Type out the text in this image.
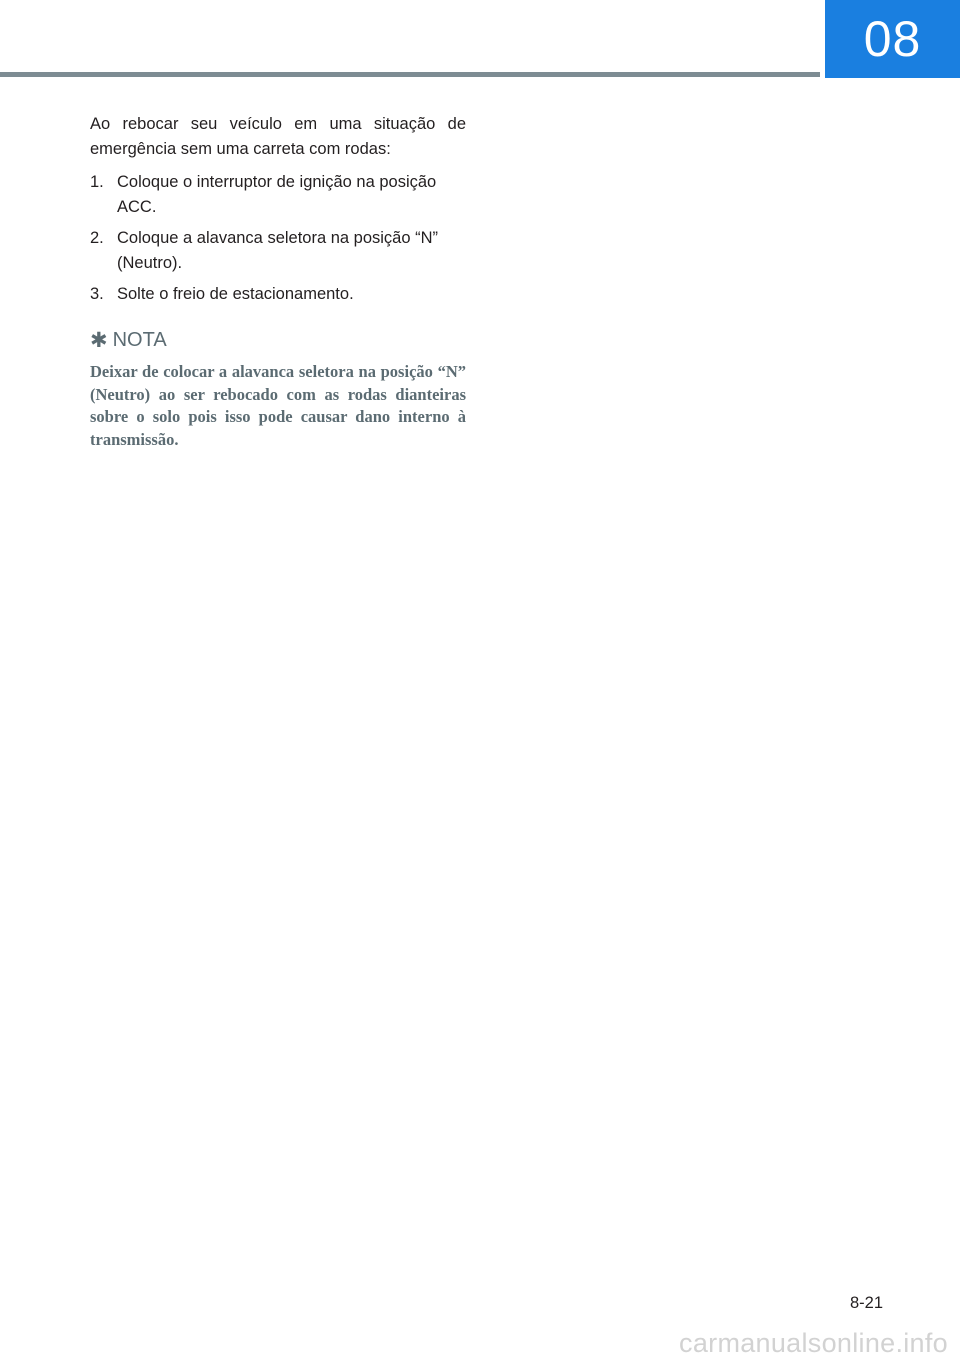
08

Ao rebocar seu veículo em uma situação de emergência sem uma carreta com rodas:

1. Coloque o interruptor de ignição na posição ACC.
2. Coloque a alavanca seletora na posição “N” (Neutro).
3. Solte o freio de estacionamento.
✱ NOTA

Deixar de colocar a alavanca seletora na posição “N” (Neutro) ao ser rebocado com as rodas dianteiras sobre o solo pois isso pode causar dano interno à transmissão.

8-21
carmanualsonline.info
